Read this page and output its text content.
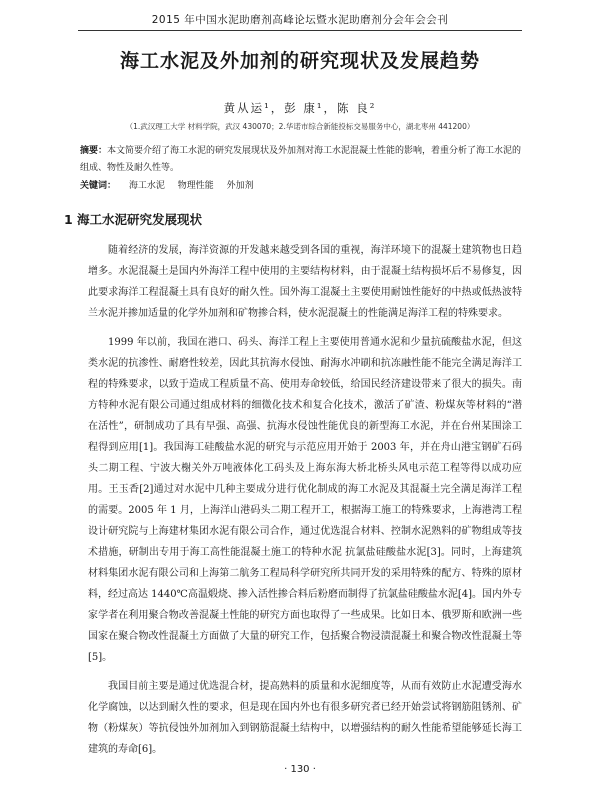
2015 年中国水泥助磨剂高峰论坛暨水泥助磨剂分会年会会刊
海工水泥及外加剂的研究现状及发展趋势
黄从运¹，彭 康¹，陈 良²
（1.武汉理工大学 材料学院，武汉 430070；2.华诺市综合新能投标交易服务中心，湖北枣州 441200）
摘要：本文简要介绍了海工水泥的研究发展现状及外加剂对海工水泥混凝土性能的影响，着重分析了海工水泥的组成、物性及耐久性等。
关键词： 海工水泥 物理性能 外加剂
1 海工水泥研究发展现状

随着经济的发展，海洋资源的开发越来越受到各国的重视，海洋环境下的混凝土建筑物也日趋增多。水泥混凝土是国内外海洋工程中使用的主要结构材料，由于混凝土结构损坏后不易修复，因此要求海洋工程混凝土具有良好的耐久性。国外海工混凝土主要使用耐蚀性能好的中热或低热波特兰水泥并掺加适量的化学外加剂和矿物掺合料，使水泥混凝土的性能满足海洋工程的特殊要求。

1999 年以前，我国在港口、码头、海洋工程上主要使用普通水泥和少量抗硫酸盐水泥，但这类水泥的抗渗性、耐磨性较差，因此其抗海水侵蚀、耐海水冲刷和抗冻融性能不能完全满足海洋工程的特殊要求，以致于造成工程质量不高、使用寿命较低，给国民经济建设带来了很大的损失。南方特种水泥有限公司通过组成材料的细微化技术和复合化技术，激活了矿渣、粉煤灰等材料的“潜在活性”，研制成功了具有早强、高强、抗海水侵蚀性能优良的新型海工水泥，并在台州某围涂工程得到应用[1]。我国海工硅酸盐水泥的研究与示范应用开始于 2003 年，并在舟山港宝钢矿石码头二期工程、宁波大榭关外万吨液体化工码头及上海东海大桥北桥头风电示范工程等得以成功应用。王玉香[2]通过对水泥中几种主要成分进行优化制成的海工水泥及其混凝土完全满足海洋工程的需要。2005 年 1 月，上海洋山港码头二期工程开工，根据海工施工的特殊要求，上海港湾工程设计研究院与上海建材集团水泥有限公司合作，通过优选混合材料、控制水泥熟料的矿物组成等技术措施，研制出专用于海工高性能混凝土施工的特种水泥 抗氯盐硅酸盐水泥[3]。同时，上海建筑材料集团水泥有限公司和上海第二航务工程局科学研究所共同开发的采用特殊的配方、特殊的原材料，经过高达 1440℃高温煅烧、掺入活性掺合料后粉磨而制得了抗氯盐硅酸盐水泥[4]。国内外专家学者在利用聚合物改善混凝土性能的研究方面也取得了一些成果。比如日本、俄罗斯和欧洲一些国家在聚合物改性混凝土方面做了大量的研究工作，包括聚合物浸渍混凝土和聚合物改性混凝土等[5]。

我国目前主要是通过优选混合材，提高熟料的质量和水泥细度等，从而有效防止水泥遭受海水化学腐蚀，以达到耐久性的要求，但是现在国内外也有很多研究者已经开始尝试将钢筋阻锈剂、矿物（粉煤灰）等抗侵蚀外加剂加入到钢筋混凝土结构中，以增强结构的耐久性能希望能够延长海工建筑的寿命[6]。

· 130 ·
